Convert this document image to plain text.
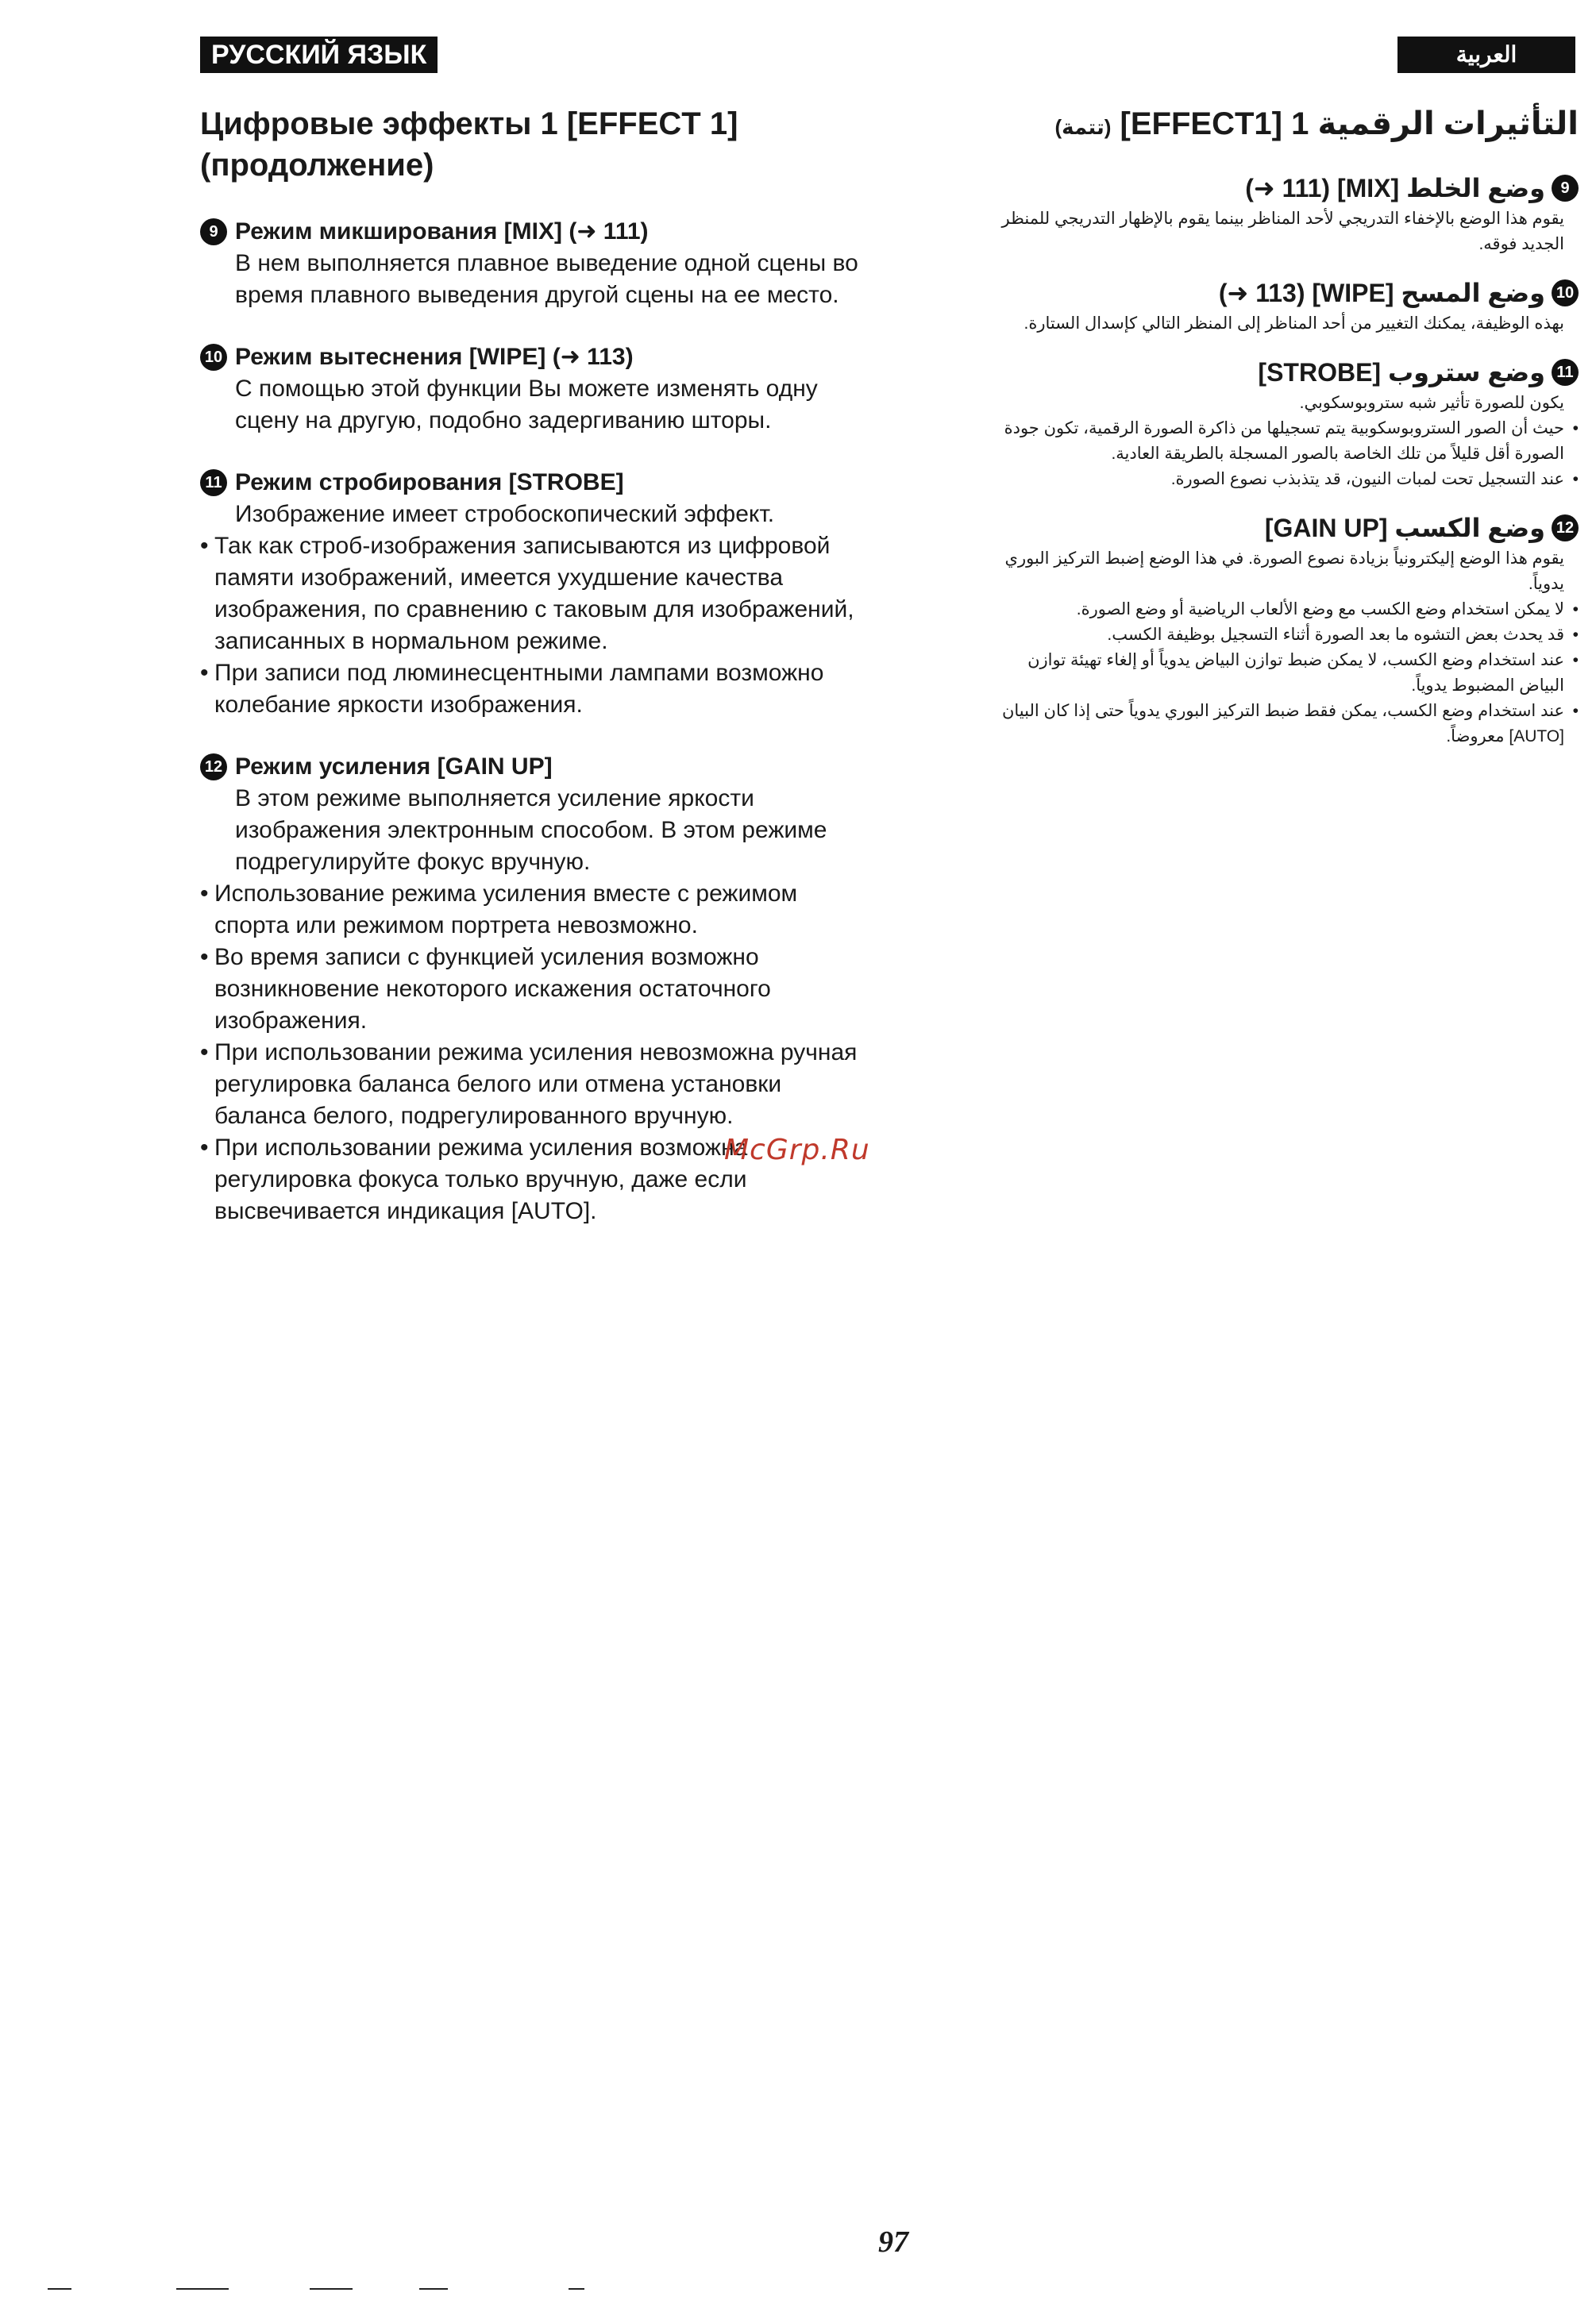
РУССКИЙ ЯЗЫК	العربية
Цифровые эффекты 1 [EFFECT 1]
(продолжение)
9 Режим микширования [MIX] (➜ 111)
В нем выполняется плавное выведение одной сцены во время плавного выведения другой сцены на ее место.
10 Режим вытеснения [WIPE] (➜ 113)
С помощью этой функции Вы можете изменять одну сцену на другую, подобно задергиванию шторы.
11 Режим стробирования [STROBE]
Изображение имеет стробоскопический эффект.
• Так как строб-изображения записываются из цифровой памяти изображений, имеется ухудшение качества изображения, по сравнению с таковым для изображений, записанных в нормальном режиме.
• При записи под люминесцентными лампами возможно колебание яркости изображения.
12 Режим усиления [GAIN UP]
В этом режиме выполняется усиление яркости изображения электронным способом. В этом режиме подрегулируйте фокус вручную.
• Использование режима усиления вместе с режимом спорта или режимом портрета невозможно.
• Во время записи с функцией усиления возможно возникновение некоторого искажения остаточного изображения.
• При использовании режима усиления невозможна ручная регулировка баланса белого или отмена установки баланса белого, подрегулированного вручную.
• При использовании режима усиления возможна регулировка фокуса только вручную, даже если высвечивается индикация [AUTO].
McGrp.Ru
التأثيرات الرقمية 1 [EFFECT1] (تتمة)
9
وضع الخلط [MIX] (111 ➜)
يقوم هذا الوضع بالإخفاء التدريجي لأحد المناظر بينما يقوم بالإظهار التدريجي للمنظر الجديد فوقه.
10
وضع المسح [WIPE] (113 ➜)
بهذه الوظيفة، يمكنك التغيير من أحد المناظر إلى المنظر التالي كإسدال الستارة.
11
وضع ستروب [STROBE]
يكون للصورة تأثير شبه ستروبوسكوبي.
• حيث أن الصور الستروبوسكوبية يتم تسجيلها من ذاكرة الصورة الرقمية، تكون جودة الصورة أقل قليلاً من تلك الخاصة بالصور المسجلة بالطريقة العادية.
• عند التسجيل تحت لمبات النيون، قد يتذبذب نصوع الصورة.
12
وضع الكسب [GAIN UP]
يقوم هذا الوضع إليكترونياً بزيادة نصوع الصورة. في هذا الوضع إضبط التركيز البوري يدوياً.
• لا يمكن استخدام وضع الكسب مع وضع الألعاب الرياضية أو وضع الصورة.
• قد يحدث بعض التشوه ما بعد الصورة أثناء التسجيل بوظيفة الكسب.
• عند استخدام وضع الكسب، لا يمكن ضبط توازن البياض يدوياً أو إلغاء تهيئة توازن البياض المضبوط يدوياً.
• عند استخدام وضع الكسب، يمكن فقط ضبط التركيز البوري يدوياً حتى إذا كان البيان [AUTO] معروضاً.
97
